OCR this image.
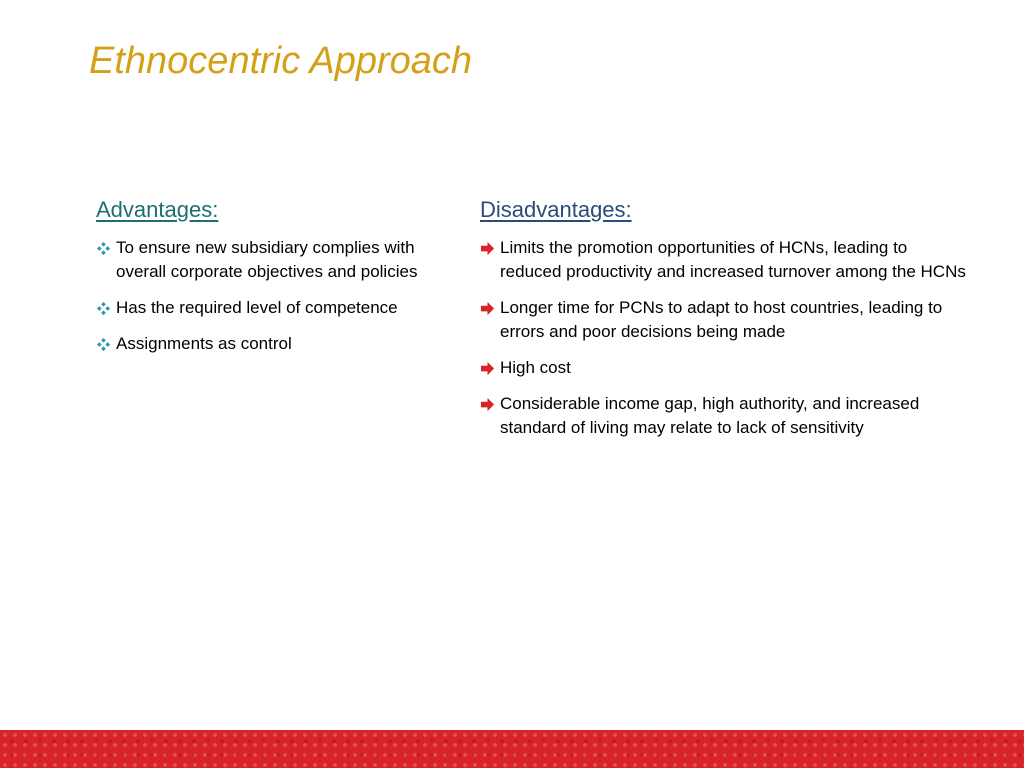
Ethnocentric Approach
Advantages:
To ensure new subsidiary complies with overall corporate objectives and policies
Has the required level of competence
Assignments as control
Disadvantages:
Limits the promotion opportunities of HCNs, leading to reduced productivity and increased turnover among the HCNs
Longer time for PCNs to adapt to host countries, leading to errors and poor decisions being made
High cost
Considerable income gap, high authority, and increased standard of living may relate to lack of sensitivity
